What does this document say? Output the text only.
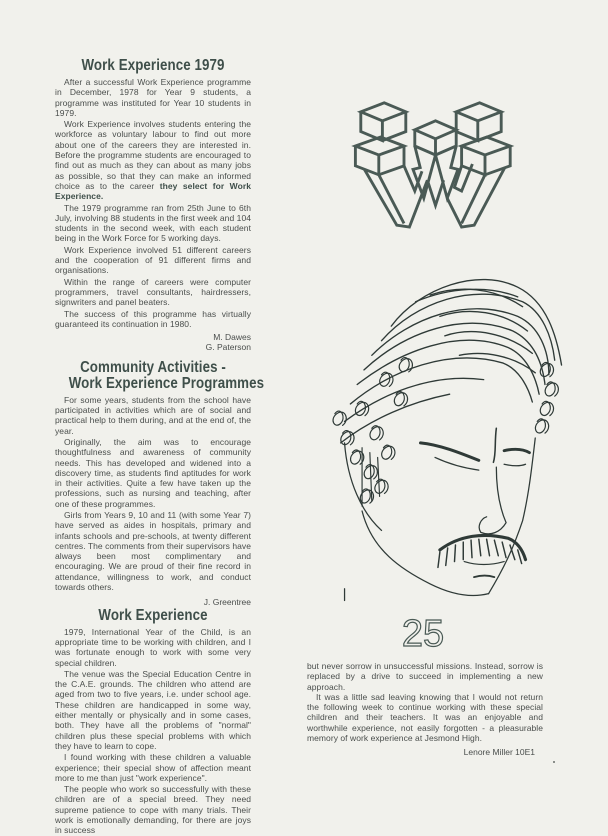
Work Experience 1979

After a successful Work Experience programme in December, 1978 for Year 9 students, a programme was instituted for Year 10 students in 1979.

Work Experience involves students entering the workforce as voluntary labour to find out more about one of the careers they are interested in. Before the programme students are encouraged to find out as much as they can about as many jobs as possible, so that they can make an informed choice as to the career they select for Work Experience.

The 1979 programme ran from 25th June to 6th July, involving 88 students in the first week and 104 students in the second week, with each student being in the Work Force for 5 working days.

Work Experience involved 51 different careers and the cooperation of 91 different firms and organisations.

Within the range of careers were computer programmers, travel consultants, hairdressers, signwriters and panel beaters.

The success of this programme has virtually guaranteed its continuation in 1980.

M. Dawes
G. Paterson
Community Activities -
Work Experience Programmes

For some years, students from the school have participated in activities which are of social and practical help to them during, and at the end of, the year.

Originally, the aim was to encourage thoughtfulness and awareness of community needs. This has developed and widened into a discovery time, as students find aptitudes for work in their activities. Quite a few have taken up the professions, such as nursing and teaching, after one of these programmes.

Girls from Years 9, 10 and 11 (with some Year 7) have served as aides in hospitals, primary and infants schools and pre-schools, at twenty different centres. The comments from their supervisors have always been most complimentary and encouraging. We are proud of their fine record in attendance, willingness to work, and conduct towards others.

J. Greentree
Work Experience

1979, International Year of the Child, is an appropriate time to be working with children, and I was fortunate enough to work with some very special children.

The venue was the Special Education Centre in the C.A.E. grounds. The children who attend are aged from two to five years, i.e. under school age. These children are handicapped in some way, either mentally or physically and in some cases, both. They have all the problems of "normal" children plus these special problems with which they have to learn to cope.

I found working with these children a valuable experience; their special show of affection meant more to me than just "work experience".

The people who work so successfully with these children are of a special breed. They need supreme patience to cope with many trials. Their work is emotionally demanding, for there are joys in success

25

but never sorrow in unsuccessful missions. Instead, sorrow is replaced by a drive to succeed in implementing a new approach.

It was a little sad leaving knowing that I would not return the following week to continue working with these special children and their teachers. It was an enjoyable and worthwhile experience, not easily forgotten - a pleasurable memory of work experience at Jesmond High.

Lenore Miller 10E1
